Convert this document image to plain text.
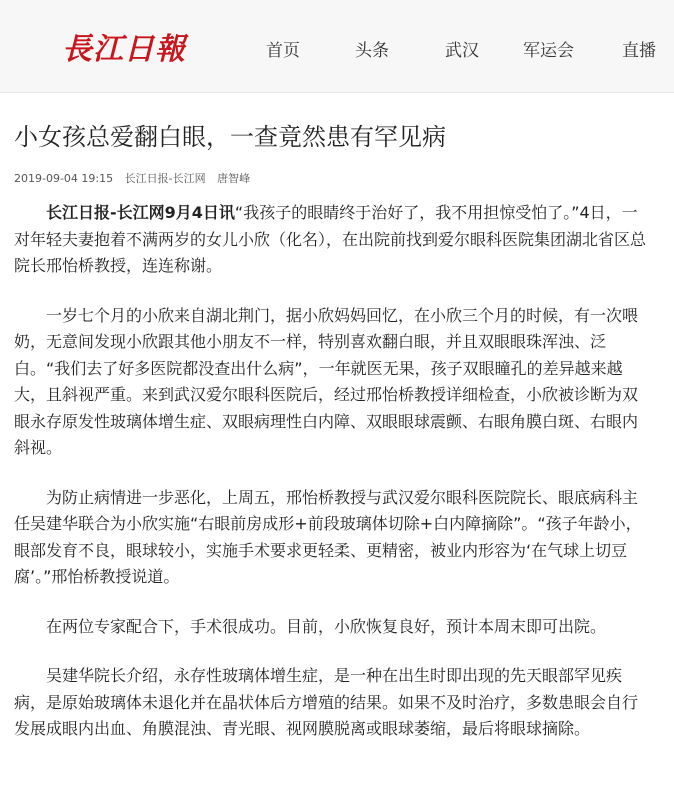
長江日報	首页	头条	武汉	军运会	直播
小女孩总爱翻白眼，一查竟然患有罕见病
2019-09-04 19:15 长江日报-长江网 唐智峰

长江日报-长江网9月4日讯“我孩子的眼睛终于治好了，我不用担惊受怕了。”4日，一对年轻夫妻抱着不满两岁的女儿小欣（化名），在出院前找到爱尔眼科医院集团湖北省区总院长邢怡桥教授，连连称谢。

一岁七个月的小欣来自湖北荆门，据小欣妈妈回忆，在小欣三个月的时候，有一次喂奶，无意间发现小欣跟其他小朋友不一样，特别喜欢翻白眼，并且双眼眼珠浑浊、泛白。“我们去了好多医院都没查出什么病”，一年就医无果，孩子双眼瞳孔的差异越来越大，且斜视严重。来到武汉爱尔眼科医院后，经过邢怡桥教授详细检查，小欣被诊断为双眼永存原发性玻璃体增生症、双眼病理性白内障、双眼眼球震颤、右眼角膜白斑、右眼内斜视。

为防止病情进一步恶化，上周五，邢怡桥教授与武汉爱尔眼科医院院长、眼底病科主任吴建华联合为小欣实施“右眼前房成形+前段玻璃体切除+白内障摘除”。“孩子年龄小，眼部发育不良，眼球较小，实施手术要求更轻柔、更精密，被业内形容为‘在气球上切豆腐’。”邢怡桥教授说道。

在两位专家配合下，手术很成功。目前，小欣恢复良好，预计本周末即可出院。

吴建华院长介绍，永存性玻璃体增生症，是一种在出生时即出现的先天眼部罕见疾病，是原始玻璃体未退化并在晶状体后方增殖的结果。如果不及时治疗，多数患眼会自行发展成眼内出血、角膜混浊、青光眼、视网膜脱离或眼球萎缩，最后将眼球摘除。
